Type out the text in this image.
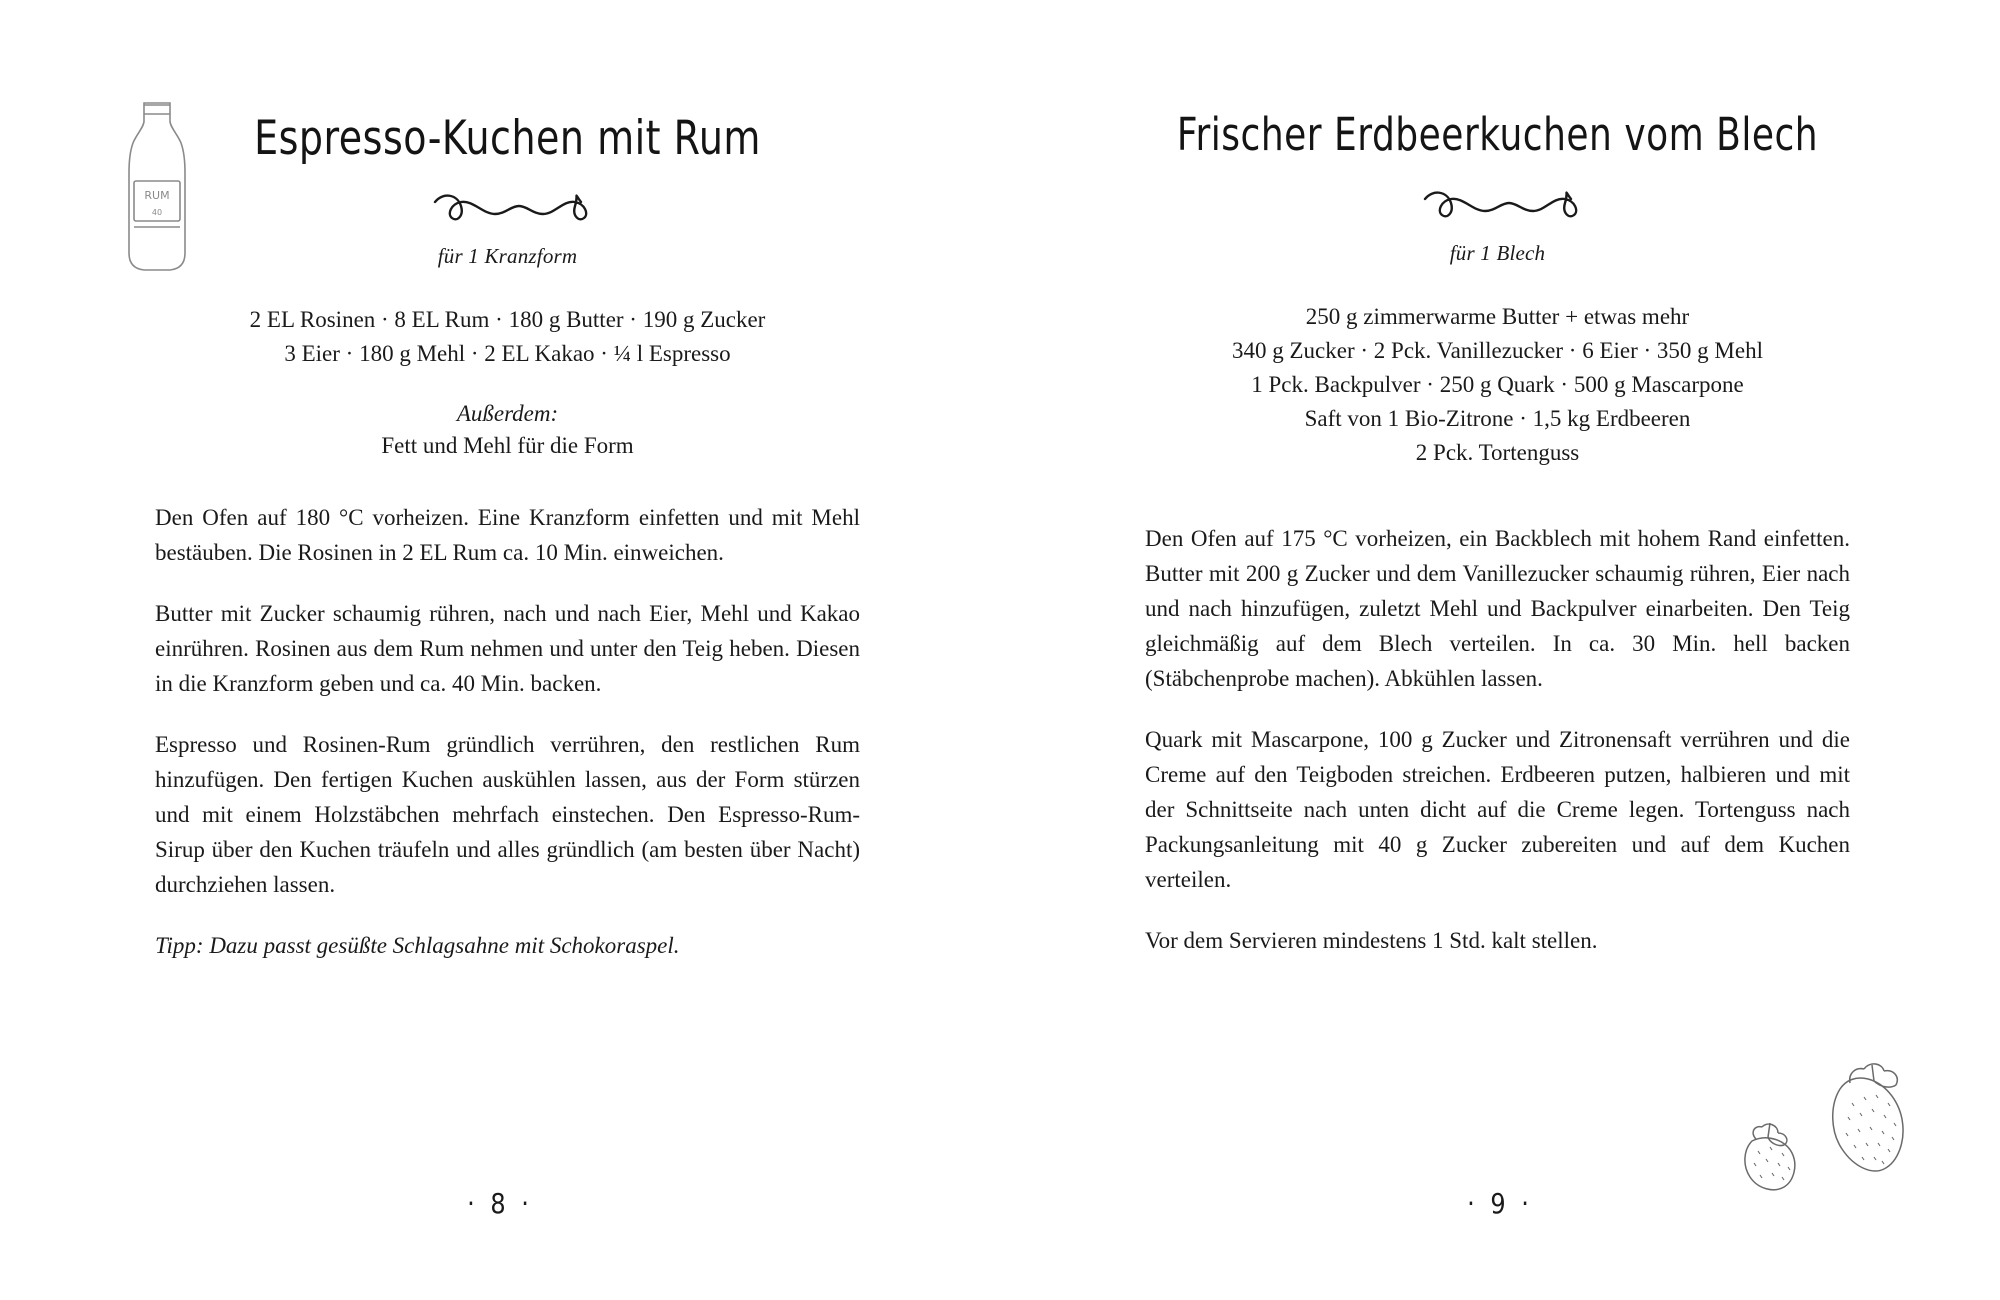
RUM
40
Espresso-Kuchen mit Rum
für 1 Kranzform
2 EL Rosinen · 8 EL Rum · 180 g Butter · 190 g Zucker
3 Eier · 180 g Mehl · 2 EL Kakao · ¼ l Espresso
Außerdem:
Fett und Mehl für die Form

Den Ofen auf 180 °C vorheizen. Eine Kranzform einfetten und mit Mehl bestäuben. Die Rosinen in 2 EL Rum ca. 10 Min. einweichen.

Butter mit Zucker schaumig rühren, nach und nach Eier, Mehl und Kakao einrühren. Rosinen aus dem Rum nehmen und unter den Teig heben. Diesen in die Kranzform geben und ca. 40 Min. backen.

Espresso und Rosinen-Rum gründlich verrühren, den restlichen Rum hinzufügen. Den fertigen Kuchen auskühlen lassen, aus der Form stürzen und mit einem Holzstäbchen mehrfach einstechen. Den Espresso-Rum-Sirup über den Kuchen träufeln und alles gründlich (am besten über Nacht) durchziehen lassen.

Tipp: Dazu passt gesüßte Schlagsahne mit Schokoraspel.
· 8 ·
Frischer Erdbeerkuchen vom Blech
für 1 Blech
250 g zimmerwarme Butter + etwas mehr
340 g Zucker · 2 Pck. Vanillezucker · 6 Eier · 350 g Mehl
1 Pck. Backpulver · 250 g Quark · 500 g Mascarpone
Saft von 1 Bio-Zitrone · 1,5 kg Erdbeeren
2 Pck. Tortenguss

Den Ofen auf 175 °C vorheizen, ein Backblech mit hohem Rand einfetten. Butter mit 200 g Zucker und dem Vanillezucker schaumig rühren, Eier nach und nach hinzufügen, zuletzt Mehl und Backpulver einarbeiten. Den Teig gleichmäßig auf dem Blech verteilen. In ca. 30 Min. hell backen (Stäbchenprobe machen). Abkühlen lassen.

Quark mit Mascarpone, 100 g Zucker und Zitronensaft verrühren und die Creme auf den Teigboden streichen. Erdbeeren putzen, halbieren und mit der Schnittseite nach unten dicht auf die Creme legen. Tortenguss nach Packungsanleitung mit 40 g Zucker zubereiten und auf dem Kuchen verteilen.

Vor dem Servieren mindestens 1 Std. kalt stellen.

· 9 ·
